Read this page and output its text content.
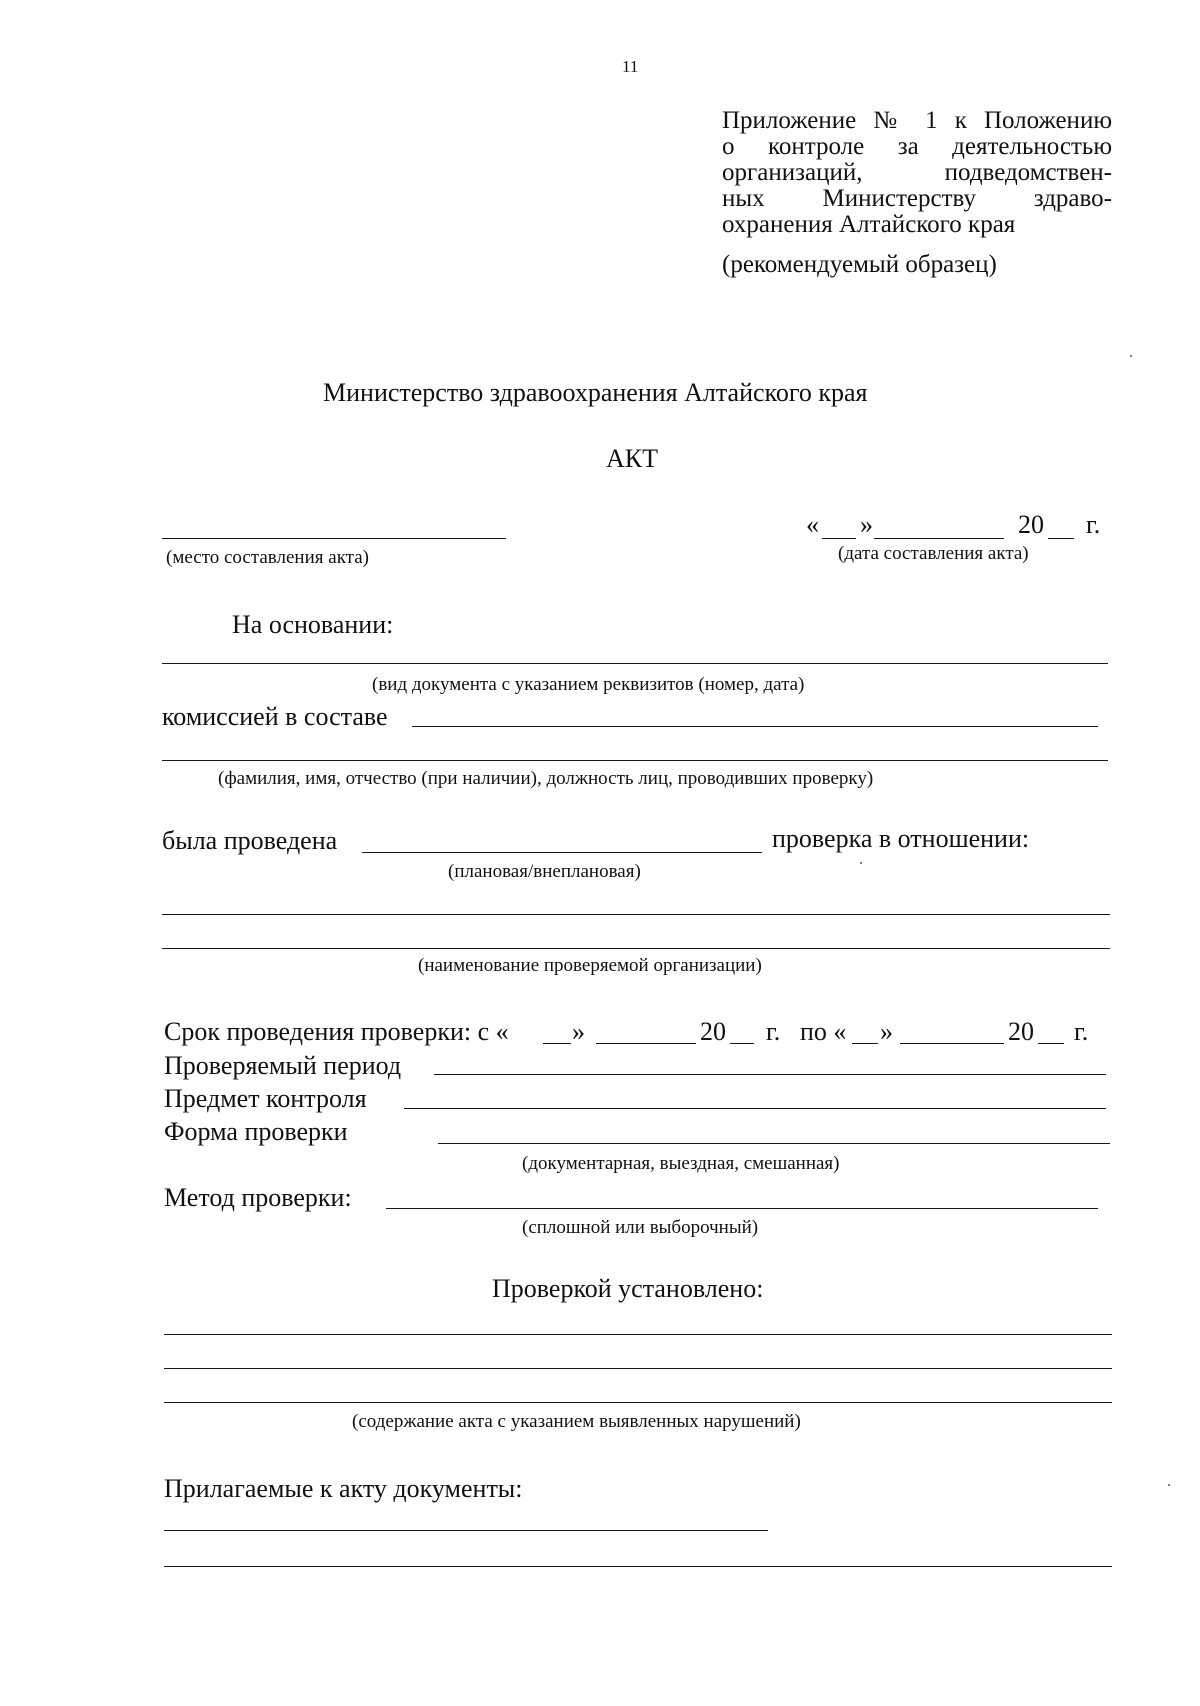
11
Приложение № 1 к Положению
о контроле за деятельностью
организаций, подведомствен-
ных Министерству здраво-
охранения Алтайского края
(рекомендуемый образец)
Министерство здравоохранения Алтайского края
АКТ
« »	20 г.
(место составления акта)	(дата составления акта)
На основании:
(вид документа с указанием реквизитов (номер, дата)
комиссией в составе
(фамилия, имя, отчество (при наличии), должность лиц, проводивших проверку)
была проведена	проверка в отношении:
(плановая/внеплановая)
(наименование проверяемой организации)
Срок проведения проверки: с « »	20 г. по « »	20 г.
Проверяемый период
Предмет контроля
Форма проверки
(документарная, выездная, смешанная)
Метод проверки:
(сплошной или выборочный)
Проверкой установлено:
(содержание акта с указанием выявленных нарушений)
Прилагаемые к акту документы:
